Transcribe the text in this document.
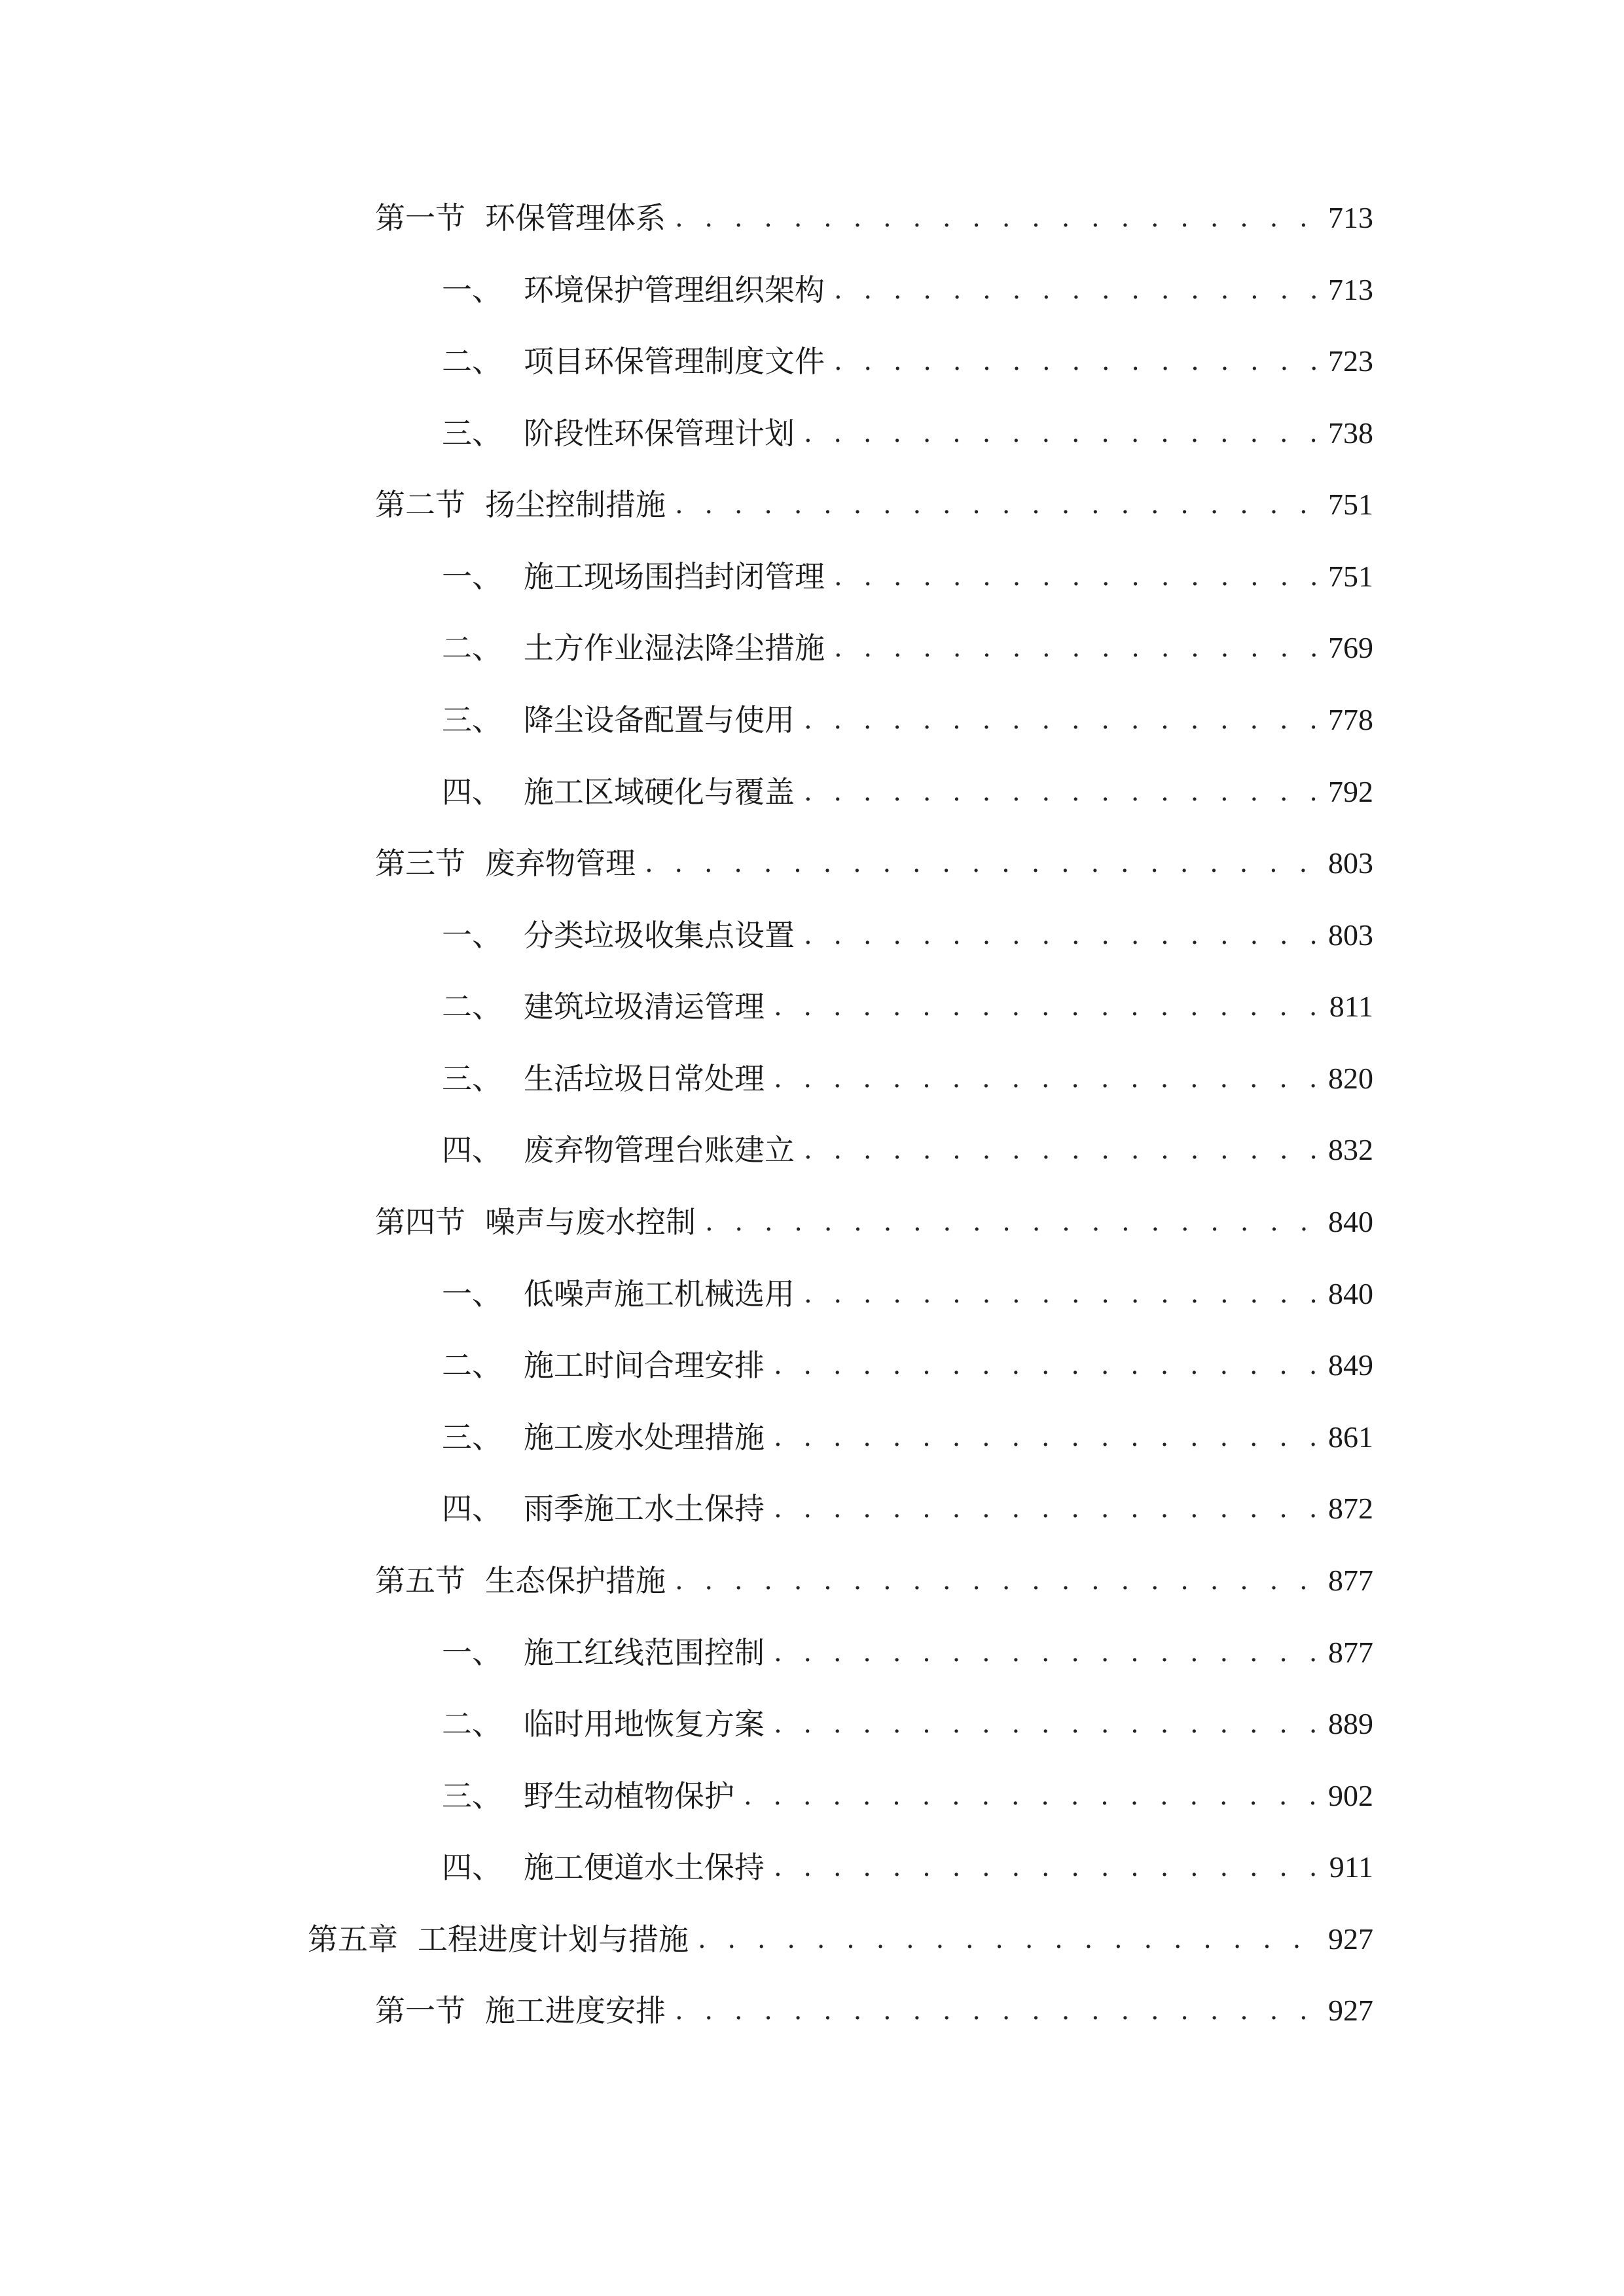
第一节 环保管理体系 . . .	713
一、 环境保护管理组织架构 . . .	713
二、 项目环保管理制度文件 . . .	723
三、 阶段性环保管理计划 . . .	738
第二节 扬尘控制措施 . . .	751
一、 施工现场围挡封闭管理 . . .	751
二、 土方作业湿法降尘措施 . . .	769
三、 降尘设备配置与使用 . . .	778
四、 施工区域硬化与覆盖 . . .	792
第三节 废弃物管理 . . .	803
一、 分类垃圾收集点设置 . . .	803
二、 建筑垃圾清运管理 . . .	811
三、 生活垃圾日常处理 . . .	820
四、 废弃物管理台账建立 . . .	832
第四节 噪声与废水控制 . . .	840
一、 低噪声施工机械选用 . . .	840
二、 施工时间合理安排 . . .	849
三、 施工废水处理措施 . . .	861
四、 雨季施工水土保持 . . .	872
第五节 生态保护措施 . . .	877
一、 施工红线范围控制 . . .	877
二、 临时用地恢复方案 . . .	889
三、 野生动植物保护 . . .	902
四、 施工便道水土保持 . . .	911
第五章 工程进度计划与措施 . . .	927
第一节 施工进度安排 . . .	927
